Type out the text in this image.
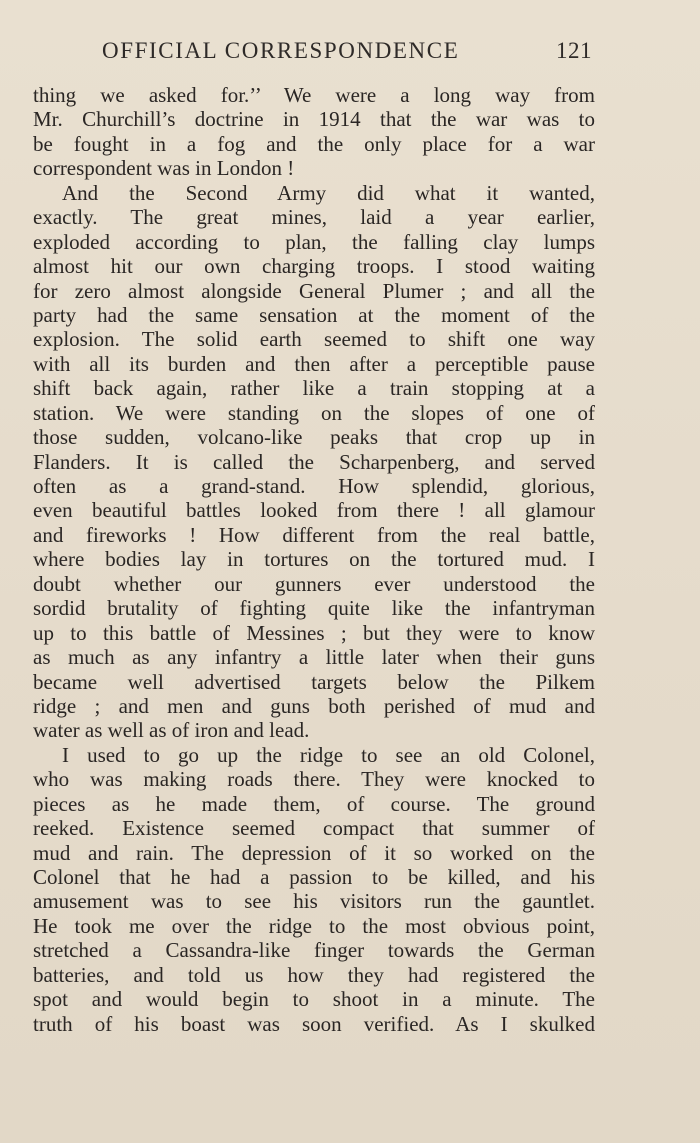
OFFICIAL CORRESPONDENCE	121
thing we asked for.’’ We were a long way from
Mr. Churchill’s doctrine in 1914 that the war was to
be fought in a fog and the only place for a war
correspondent was in London !
And the Second Army did what it wanted,
exactly. The great mines, laid a year earlier,
exploded according to plan, the falling clay lumps
almost hit our own charging troops. I stood waiting
for zero almost alongside General Plumer ; and all the
party had the same sensation at the moment of the
explosion. The solid earth seemed to shift one way
with all its burden and then after a perceptible pause
shift back again, rather like a train stopping at a
station. We were standing on the slopes of one of
those sudden, volcano-like peaks that crop up in
Flanders. It is called the Scharpenberg, and served
often as a grand-stand. How splendid, glorious,
even beautiful battles looked from there ! all glamour
and fireworks ! How different from the real battle,
where bodies lay in tortures on the tortured mud. I
doubt whether our gunners ever understood the
sordid brutality of fighting quite like the infantryman
up to this battle of Messines ; but they were to know
as much as any infantry a little later when their guns
became well advertised targets below the Pilkem
ridge ; and men and guns both perished of mud and
water as well as of iron and lead.
I used to go up the ridge to see an old Colonel,
who was making roads there. They were knocked to
pieces as he made them, of course. The ground
reeked. Existence seemed compact that summer of
mud and rain. The depression of it so worked on the
Colonel that he had a passion to be killed, and his
amusement was to see his visitors run the gauntlet.
He took me over the ridge to the most obvious point,
stretched a Cassandra-like finger towards the German
batteries, and told us how they had registered the
spot and would begin to shoot in a minute. The
truth of his boast was soon verified. As I skulked
